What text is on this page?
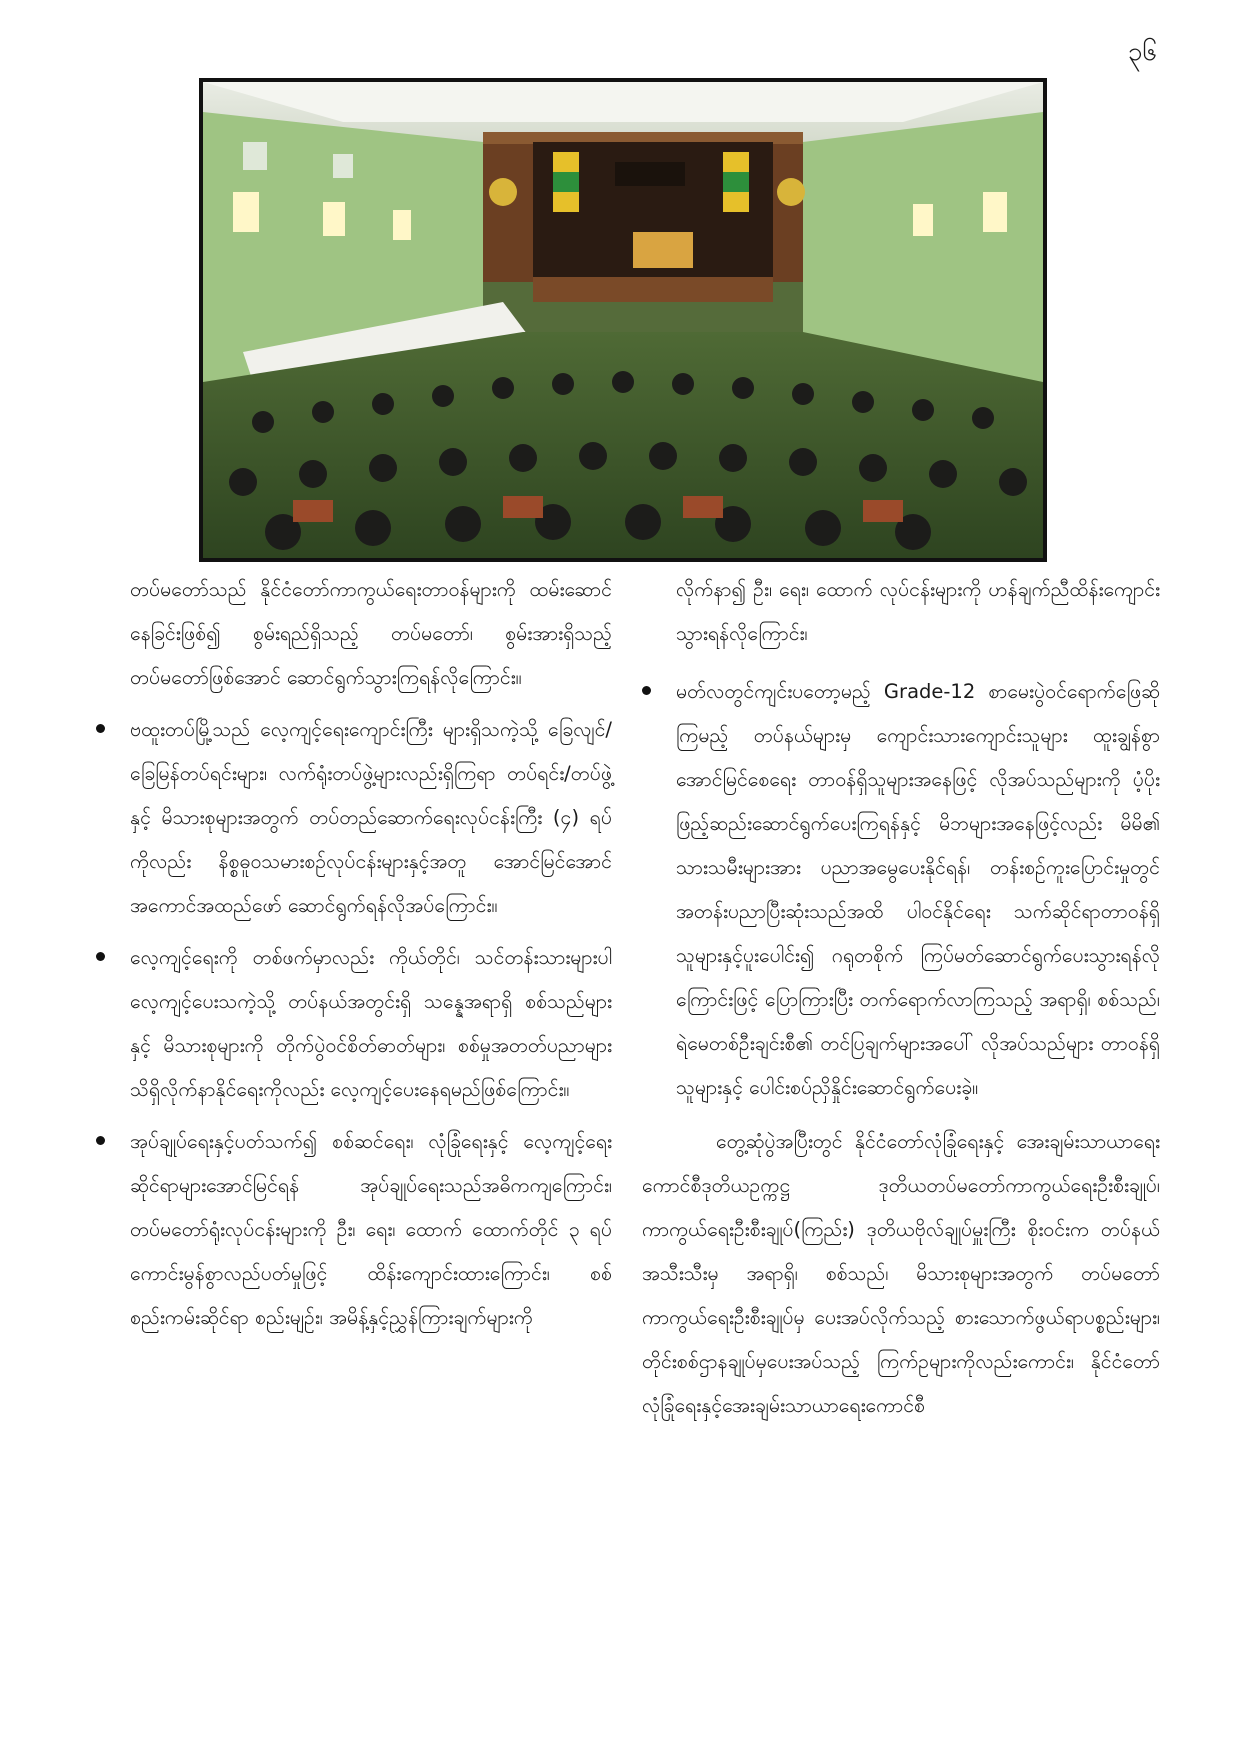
၃၆

တပ်မတော်သည် နိုင်ငံတော်ကာကွယ်ရေးတာဝန်များကို ထမ်းဆောင်နေခြင်းဖြစ်၍ စွမ်းရည်ရှိသည့် တပ်မတော်၊ စွမ်းအားရှိသည့်တပ်မတော်ဖြစ်အောင် ဆောင်ရွက်သွားကြရန်လိုကြောင်း။

ဗထူးတပ်မြို့သည် လေ့ကျင့်ရေးကျောင်းကြီး များရှိသကဲ့သို့ ခြေလျင်/ခြေမြန်တပ်ရင်းများ၊ လက်ရုံးတပ်ဖွဲ့များလည်းရှိကြရာ တပ်ရင်း/တပ်ဖွဲ့နှင့် မိသားစုများအတွက် တပ်တည်ဆောက်ရေးလုပ်ငန်းကြီး (၄) ရပ်ကိုလည်း နိစ္စဓူဝသမားစဉ်လုပ်ငန်းများနှင့်အတူ အောင်မြင်အောင် အကောင်အထည်ဖော် ဆောင်ရွက်ရန်လိုအပ်ကြောင်း။
လေ့ကျင့်ရေးကို တစ်ဖက်မှာလည်း ကိုယ်တိုင်၊ သင်တန်းသားများပါ လေ့ကျင့်ပေးသကဲ့သို့ တပ်နယ်အတွင်းရှိ သန္နေအရာရှိ စစ်သည်များနှင့် မိသားစုများကို တိုက်ပွဲဝင်စိတ်ဓာတ်များ၊ စစ်မှုအတတ်ပညာများ သိရှိလိုက်နာနိုင်ရေးကိုလည်း လေ့ကျင့်ပေးနေရမည်ဖြစ်ကြောင်း။
အုပ်ချုပ်ရေးနှင့်ပတ်သက်၍ စစ်ဆင်ရေး၊ လုံခြုံရေးနှင့် လေ့ကျင့်ရေးဆိုင်ရာများအောင်မြင်ရန် အုပ်ချုပ်ရေးသည်အဓိကကျကြောင်း၊ တပ်မတော်ရုံးလုပ်ငန်းများကို ဦး၊ ရေး၊ ထောက် ထောက်တိုင် ၃ ရပ် ကောင်းမွန်စွာလည်ပတ်မှုဖြင့် ထိန်းကျောင်းထားကြောင်း၊ စစ်စည်းကမ်းဆိုင်ရာ စည်းမျဉ်း၊ အမိန့်နှင့်ညွှန်ကြားချက်များကို

လိုက်နာ၍ ဦး၊ ရေး၊ ထောက် လုပ်ငန်းများကို ဟန်ချက်ညီထိန်းကျောင်းသွားရန်လိုကြောင်း၊

မတ်လတွင်ကျင်းပတော့မည့် Grade-12 စာမေးပွဲဝင်ရောက်ဖြေဆိုကြမည့် တပ်နယ်များမှ ကျောင်းသားကျောင်းသူများ ထူးချွန်စွာအောင်မြင်စေရေး တာဝန်ရှိသူများအနေဖြင့် လိုအပ်သည်များကို ပံ့ပိုးဖြည့်ဆည်းဆောင်ရွက်ပေးကြရန်နှင့် မိဘများအနေဖြင့်လည်း မိမိ၏ သားသမီးများအား ပညာအမွေပေးနိုင်ရန်၊ တန်းစဉ်ကူးပြောင်းမှုတွင် အတန်းပညာပြီးဆုံးသည်အထိ ပါဝင်နိုင်ရေး သက်ဆိုင်ရာတာဝန်ရှိသူများနှင့်ပူးပေါင်း၍ ဂရုတစိုက် ကြပ်မတ်ဆောင်ရွက်ပေးသွားရန်လိုကြောင်းဖြင့် ပြောကြားပြီး တက်ရောက်လာကြသည့် အရာရှိ၊ စစ်သည်၊ ရဲမေတစ်ဦးချင်းစီ၏ တင်ပြချက်များအပေါ် လိုအပ်သည်များ တာဝန်ရှိသူများနှင့် ပေါင်းစပ်ညှိနှိုင်းဆောင်ရွက်ပေးခဲ့။

တွေ့ဆုံပွဲအပြီးတွင် နိုင်ငံတော်လုံခြုံရေးနှင့် အေးချမ်းသာယာရေးကောင်စီဒုတိယဥက္ကဋ္ဌ ဒုတိယတပ်မတော်ကာကွယ်ရေးဦးစီးချုပ်၊ ကာကွယ်ရေးဦးစီးချုပ်(ကြည်း) ဒုတိယဗိုလ်ချုပ်မှူးကြီး စိုးဝင်းက တပ်နယ်အသီးသီးမှ အရာရှိ၊ စစ်သည်၊ မိသားစုများအတွက် တပ်မတော်ကာကွယ်ရေးဦးစီးချုပ်မှ ပေးအပ်လိုက်သည့် စားသောက်ဖွယ်ရာပစ္စည်းများ၊ တိုင်းစစ်ဌာနချုပ်မှပေးအပ်သည့် ကြက်ဥများကိုလည်းကောင်း၊ နိုင်ငံတော်လုံခြုံရေးနှင့်အေးချမ်းသာယာရေးကောင်စီ
